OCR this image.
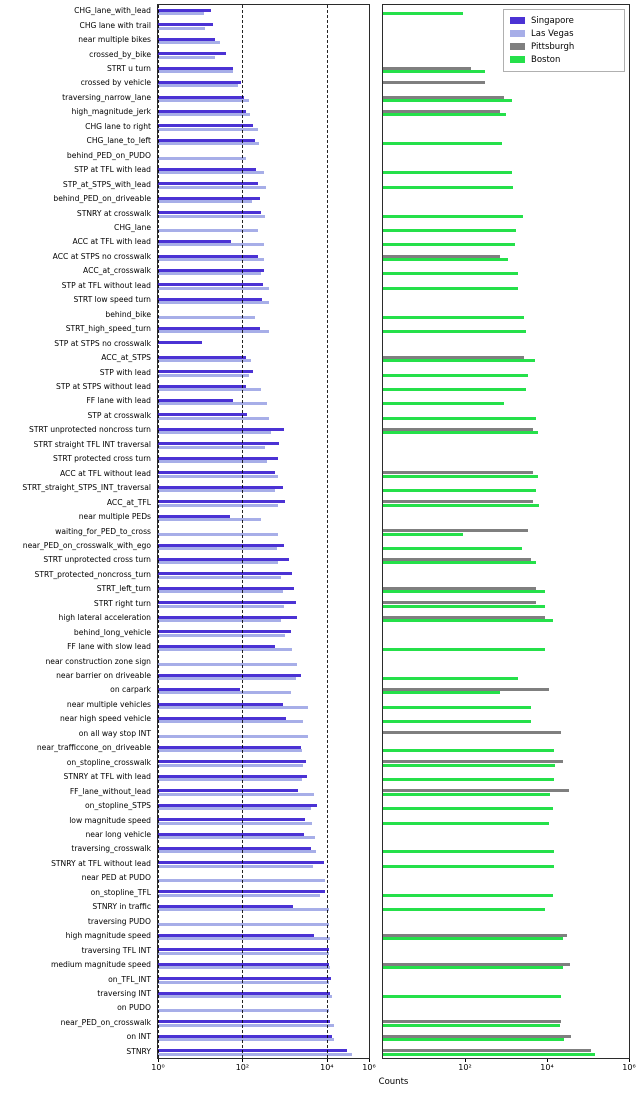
CHG_lane_with_lead
CHG lane with trail
near multiple bikes
crossed_by_bike
STRT u turn
crossed by vehicle
traversing_narrow_lane
high_magnitude_jerk
CHG lane to right
CHG_lane_to_left
behind_PED_on_PUDO
STP at TFL with lead
STP_at_STPS_with_lead
behind_PED_on_driveable
STNRY at crosswalk
CHG_lane
ACC at TFL with lead
ACC at STPS no crosswalk
ACC_at_crosswalk
STP at TFL without lead
STRT low speed turn
behind_bike
STRT_high_speed_turn
STP at STPS no crosswalk
ACC_at_STPS
STP with lead
STP at STPS without lead
FF lane with lead
STP at crosswalk
STRT unprotected noncross turn
STRT straight TFL INT traversal
STRT protected cross turn
ACC at TFL without lead
STRT_straight_STPS_INT_traversal
ACC_at_TFL
near multiple PEDs
waiting_for_PED_to_cross
near_PED_on_crosswalk_with_ego
STRT unprotected cross turn
STRT_protected_noncross_turn
STRT_left_turn
STRT right turn
high lateral acceleration
behind_long_vehicle
FF lane with slow lead
near construction zone sign
near barrier on driveable
on carpark
near multiple vehicles
near high speed vehicle
on all way stop INT
near_trafficcone_on_driveable
on_stopline_crosswalk
STNRY at TFL with lead
FF_lane_without_lead
on_stopline_STPS
low magnitude speed
near long vehicle
traversing_crosswalk
STNRY at TFL without lead
near PED at PUDO
on_stopline_TFL
STNRY in traffic
traversing PUDO
high magnitude speed
traversing TFL INT
medium magnitude speed
on_TFL_INT
traversing INT
on PUDO
near_PED_on_crosswalk
on INT
STNRY
10⁰	10²	10⁴	10⁶	10²	10⁴	10⁶
Counts
Singapore
Las Vegas
Pittsburgh
Boston
